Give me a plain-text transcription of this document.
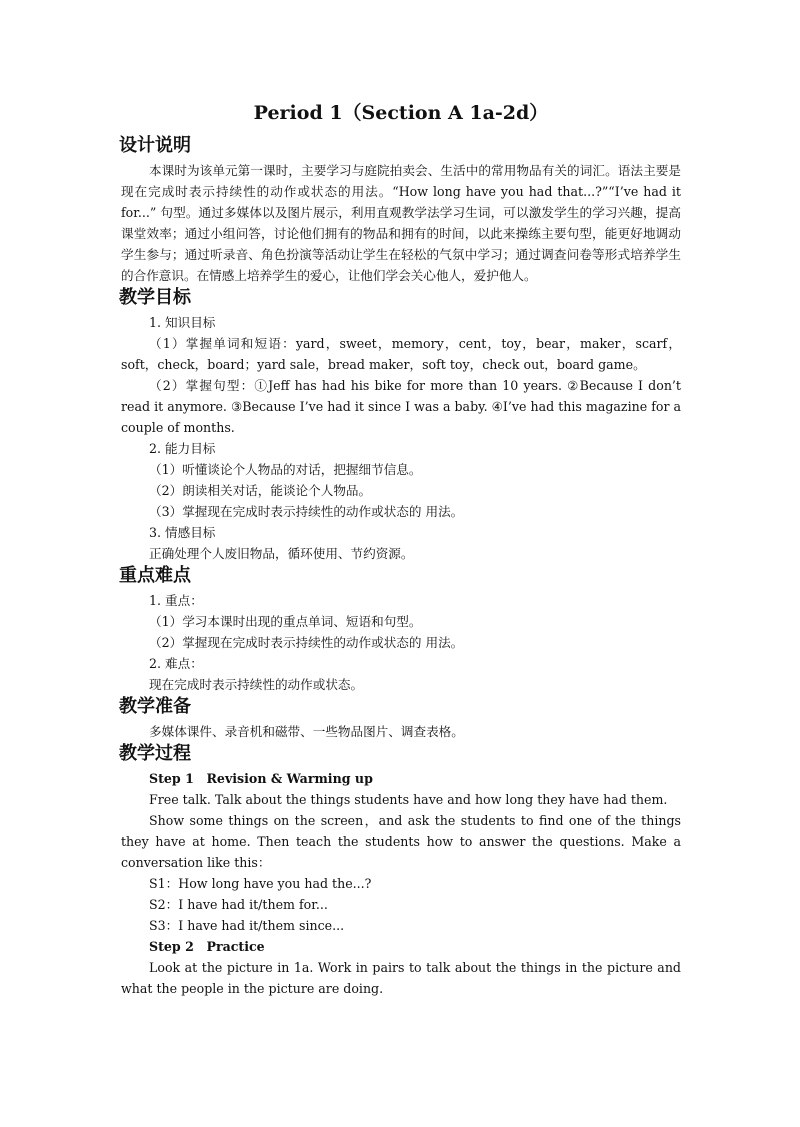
Period 1（Section A 1a-2d）
设计说明

本课时为该单元第一课时，主要学习与庭院拍卖会、生活中的常用物品有关的词汇。语法主要是现在完成时表示持续性的动作或状态的用法。“How long have you had that...?”“I’ve had it for...” 句型。通过多媒体以及图片展示，利用直观教学法学习生词，可以激发学生的学习兴趣，提高课堂效率；通过小组问答，讨论他们拥有的物品和拥有的时间，以此来操练主要句型，能更好地调动学生参与；通过听录音、角色扮演等活动让学生在轻松的气氛中学习；通过调查问卷等形式培养学生的合作意识。在情感上培养学生的爱心，让他们学会关心他人，爱护他人。

教学目标

1. 知识目标

（1）掌握单词和短语：yard，sweet，memory，cent，toy，bear，maker，scarf，soft，check，board；yard sale，bread maker，soft toy，check out，board game。

（2）掌握句型：①Jeff has had his bike for more than 10 years. ②Because I don’t read it anymore. ③Because I’ve had it since I was a baby. ④I’ve had this magazine for a couple of months.

2. 能力目标

（1）听懂谈论个人物品的对话，把握细节信息。

（2）朗读相关对话，能谈论个人物品。

（3）掌握现在完成时表示持续性的动作或状态的 用法。

3. 情感目标

正确处理个人废旧物品，循环使用、节约资源。

重点难点

1. 重点：

（1）学习本课时出现的重点单词、短语和句型。

（2）掌握现在完成时表示持续性的动作或状态的 用法。

2. 难点：

现在完成时表示持续性的动作或状态。

教学准备

多媒体课件、录音机和磁带、一些物品图片、调查表格。

教学过程

Step 1　Revision & Warming up

Free talk. Talk about the things students have and how long they have had them.

Show some things on the screen，and ask the students to find one of the things they have at home. Then teach the students how to answer the questions. Make a conversation like this：

S1：How long have you had the...?

S2：I have had it/them for...

S3：I have had it/them since...

Step 2　Practice

Look at the picture in 1a. Work in pairs to talk about the things in the picture and what the people in the picture are doing.
